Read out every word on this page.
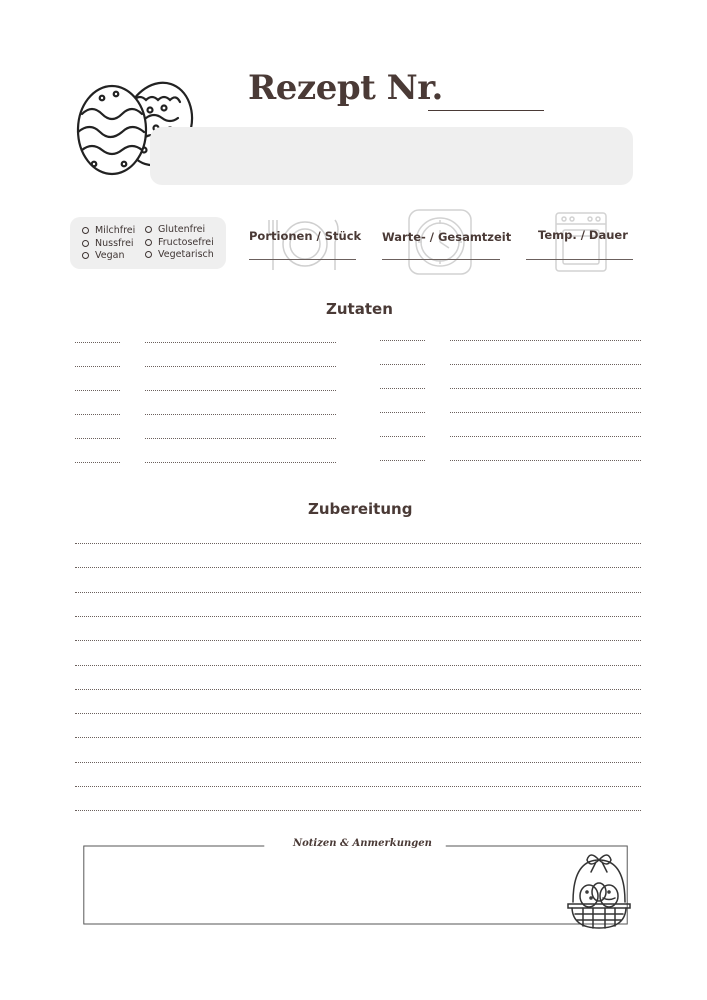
Rezept Nr.
Milchfrei
Nussfrei
Vegan
Glutenfrei
Fructosefrei
Vegetarisch
Portionen / Stück Warte- / Gesamtzeit Temp. / Dauer
Zutaten
Zubereitung
Notizen & Anmerkungen
